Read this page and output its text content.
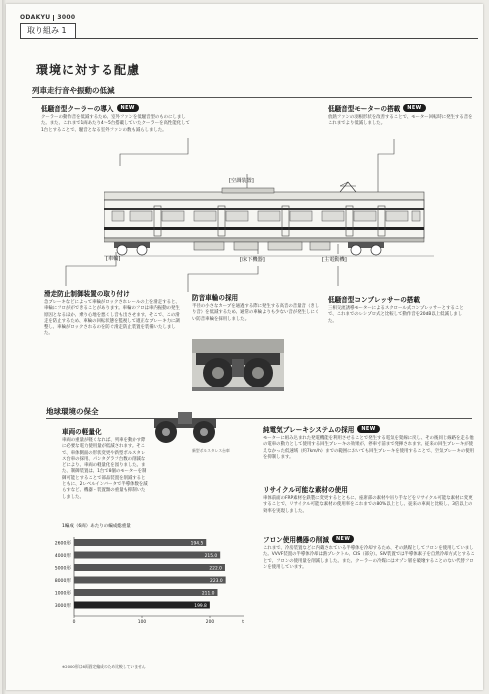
ODAKYU 3000
取り組み 1
環境に対する配慮
列車走行音や振動の低減
低騒音型クーラーの導入	NEW
クーラーの動作音を低減するため、室外ファンを低騒音型のものにしました。また、これまで1両あたり4～5台搭載していたクーラーを高性能化して1台とすることで、騒音となる室外ファンの数も減らしました。
低騒音型モーターの搭載	NEW
放熱ファンの羽根形状を改善することで、モーター回転時に発生する音をこれまでより低減しました。
[空調装置]
[車輪]	[床下機器]	[主電動機]
滑走防止制御装置の取り付け
急ブレーキなどによって車輪がロックされレールの上を滑走すると、車輪にフロがができることがあります。車輪のフロは車内振動の発生原因となるほか、乗り心地を悪くし音も出させます。そこで、この滑走を防止するため、車輪の回転状態を監視して適正なブレーキ力に調整し、車輪がロックされるのを防ぐ滑走防止装置を装備いたしました。
防音車輪の採用
半径の小さなカーブを通過する際に発生する高音の音量音（きしり音）を低減するため、通常の車輪よりも少ない音が発生しにくい防音車輪を採用しました。
低騒音型コンプレッサーの搭載
三相交流誘導モーターによるスクロール式コンプレッサーとすることで、これまでのレシプロ式と比較して動作音を20dB以上低減しました。
地球環境の保全
車両の軽量化
車両の重量が軽くなれば、列車を動かす際に必要な電力使用量が低減されます。そこで、車体側面の形状変更や新型ボルスタレス台車の採用、パンタグラフ台数の削減などにより、車両の軽量化を図りました。また、制御装置は、1台で8個のモーターを制御可能とすることで部品装置を削減するとともに、2レベルインバータで半導体数を減らすなど、機器・装置類の重量も抑制いたしました。
新型ボルスタレス台車
純電気ブレーキシステムの採用	NEW
モーターに組み込まれた発電機能を利用させることで発生する電気を架線に戻し、その後同じ線路を走る他の電車の動力として使用する回生ブレーキの効果が、停車寸前まで発揮されます。従来の回生ブレーキが使えなかった低速域（約7km/h）までの範囲においても回生ブレーキを使用することで、空気ブレーキの使用を抑制します。
リサイクル可能な素材の使用
車体前面のFRP素材を鉄製に変更するとともに、座席部の素材や吊り手などをリサイクル可能な素材に変更することで、リサイクル可能な素材の使用率をこれまでの80%以上とし、従来の車両と比較し、3倍以上の効率を実現しました。
フロン使用機器の削減	NEW
これまで、冷房装置などに内蔵されている半導体を冷却するため、その熱媒としてフロンを使用していました。VVVF装置の半導体冷却は熱プレクトル、CIS（部分）。SIV装置では半導体素子を自然冷却方式とすることで、フロンの使用量を削減しました。また、クーラーの冷媒にはオゾン層を破壊することのない代替フロンを使用しています。
1編成（6両）あたりの編成総重量
2600形	194.5
4000形	215.0
5000形	222.0
8000形	223.0
1000形	211.0
3000形	199.8
0	100	200	t
※2000形は6両固定編成のため比較していません
